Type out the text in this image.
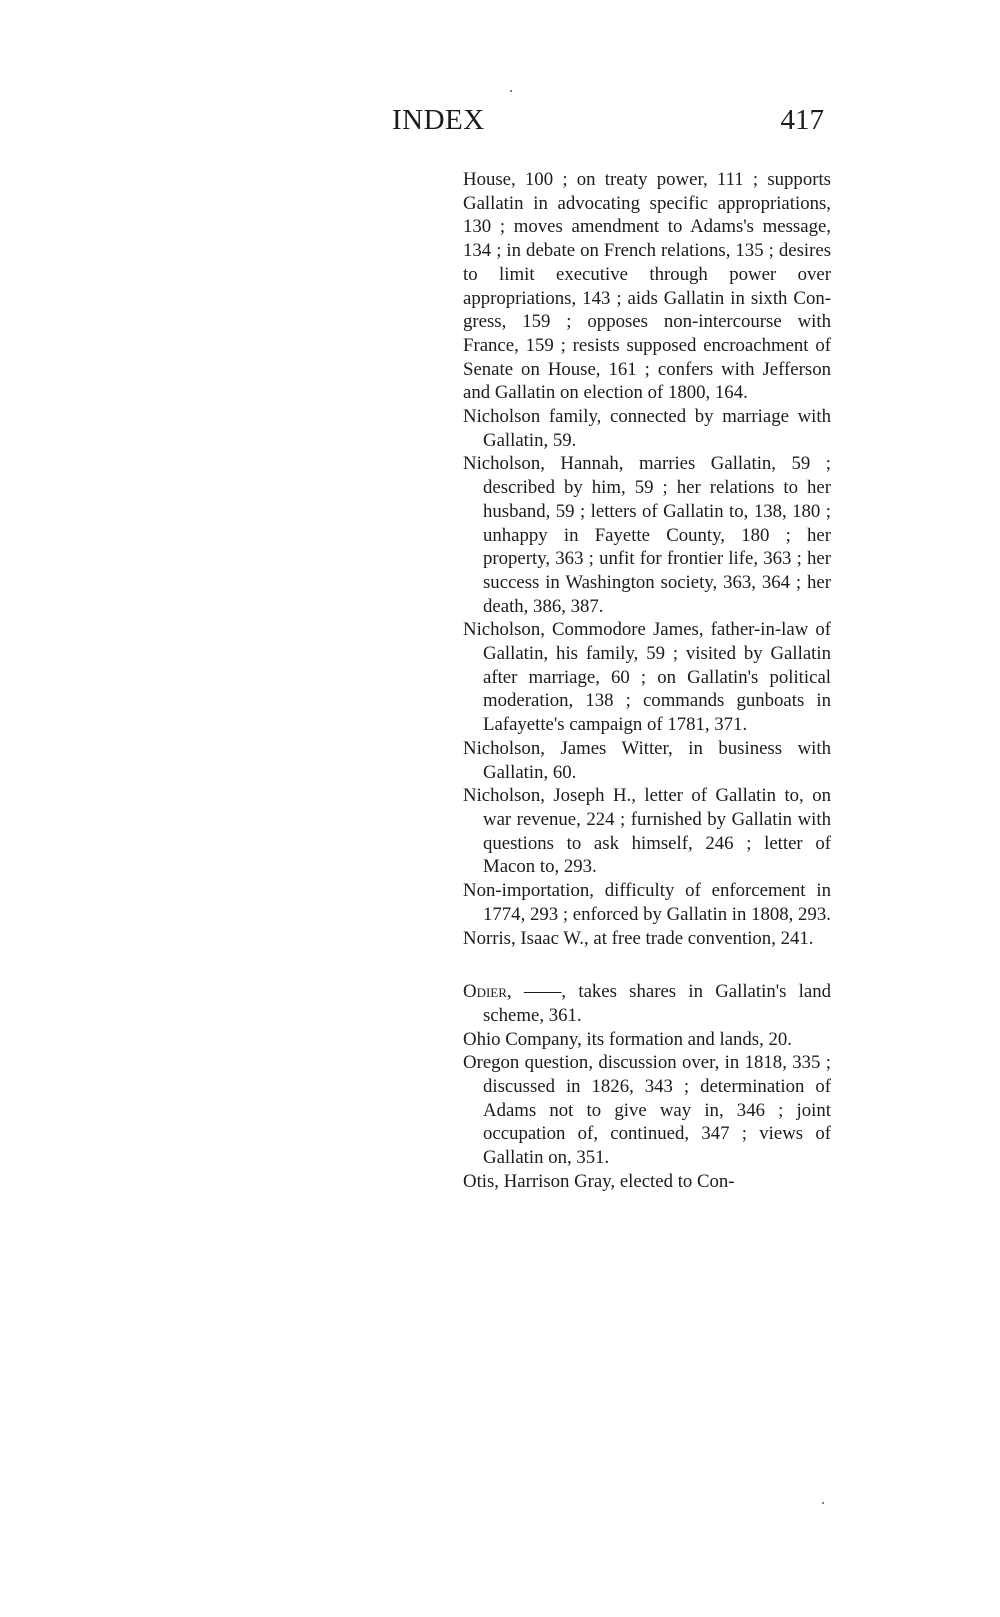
INDEX	417

House, 100 ; on treaty power, 111 ; supports Gallatin in advocating specific appropriations, 130 ; moves amendment to Adams's message, 134 ; in debate on French relations, 135 ; desires to limit executive through power over appropriations, 143 ; aids Gallatin in sixth Congress, 159 ; opposes non-intercourse with France, 159 ; resists supposed encroachment of Senate on House, 161 ; confers with Jefferson and Gallatin on election of 1800, 164.

Nicholson family, connected by marriage with Gallatin, 59.

Nicholson, Hannah, marries Gallatin, 59 ; described by him, 59 ; her relations to her husband, 59 ; letters of Gallatin to, 138, 180 ; unhappy in Fayette County, 180 ; her property, 363 ; unfit for frontier life, 363 ; her success in Washington society, 363, 364 ; her death, 386, 387.

Nicholson, Commodore James, father-in-law of Gallatin, his family, 59 ; visited by Gallatin after marriage, 60 ; on Gallatin's political moderation, 138 ; commands gunboats in Lafayette's campaign of 1781, 371.

Nicholson, James Witter, in business with Gallatin, 60.

Nicholson, Joseph H., letter of Gallatin to, on war revenue, 224 ; furnished by Gallatin with questions to ask himself, 246 ; letter of Macon to, 293.

Non-importation, difficulty of enforcement in 1774, 293 ; enforced by Gallatin in 1808, 293.

Norris, Isaac W., at free trade convention, 241.

Odier, ——, takes shares in Gallatin's land scheme, 361.

Ohio Company, its formation and lands, 20.

Oregon question, discussion over, in 1818, 335 ; discussed in 1826, 343 ; determination of Adams not to give way in, 346 ; joint occupation of, continued, 347 ; views of Gallatin on, 351.

Otis, Harrison Gray, elected to Con-
